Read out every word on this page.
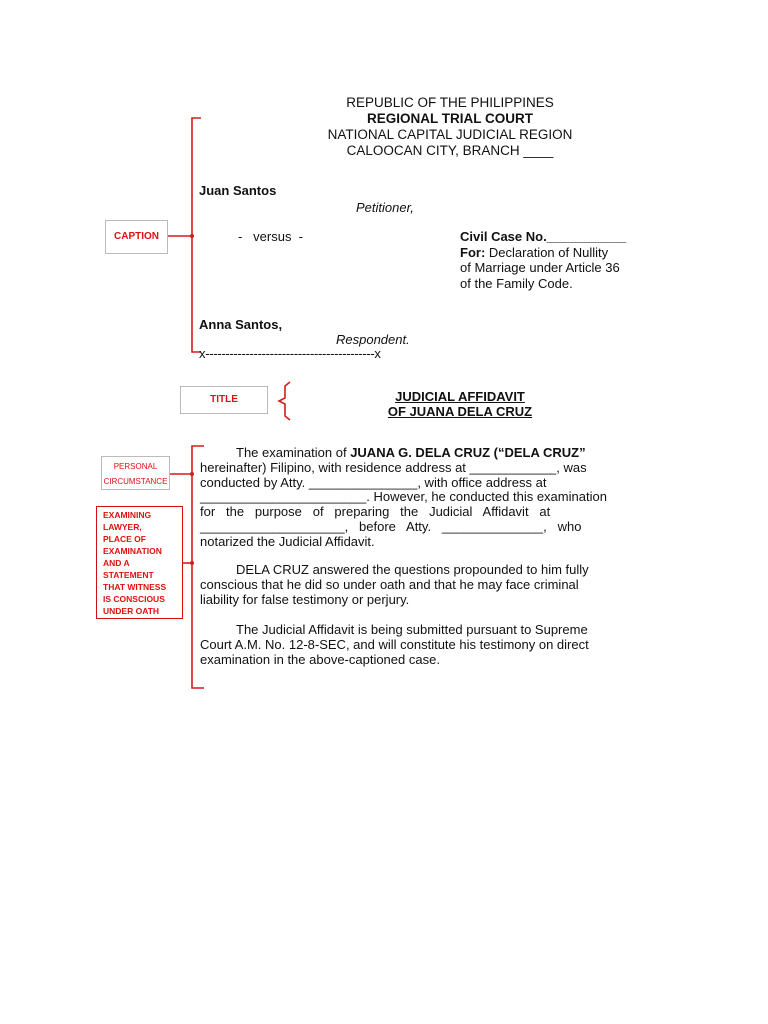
REPUBLIC OF THE PHILIPPINES
REGIONAL TRIAL COURT
NATIONAL CAPITAL JUDICIAL REGION
CALOOCAN CITY, BRANCH ____
Juan Santos
Petitioner,
-   versus  -	Civil Case No.___________
For: Declaration of Nullity
of Marriage under Article 36
of the Family Code.
Anna Santos,
Respondent.
x------------------------------------------x
JUDICIAL AFFIDAVIT
OF JUANA DELA CRUZ
CAPTION
TITLE
PERSONAL
CIRCUMSTANCE
EXAMINING
LAWYER,
PLACE OF
EXAMINATION
AND A
STATEMENT
THAT WITNESS
IS CONSCIOUS
UNDER OATH
The examination of JUANA G. DELA CRUZ (“DELA CRUZ”
hereinafter) Filipino, with residence address at ____________, was
conducted by Atty. _______________, with office address at
_______________________. However, he conducted this examination
for   the   purpose   of   preparing   the   Judicial   Affidavit   at
____________________,   before   Atty.   ______________,   who
notarized the Judicial Affidavit.
DELA CRUZ answered the questions propounded to him fully
conscious that he did so under oath and that he may face criminal
liability for false testimony or perjury.
The Judicial Affidavit is being submitted pursuant to Supreme
Court A.M. No. 12-8-SEC, and will constitute his testimony on direct
examination in the above-captioned case.
